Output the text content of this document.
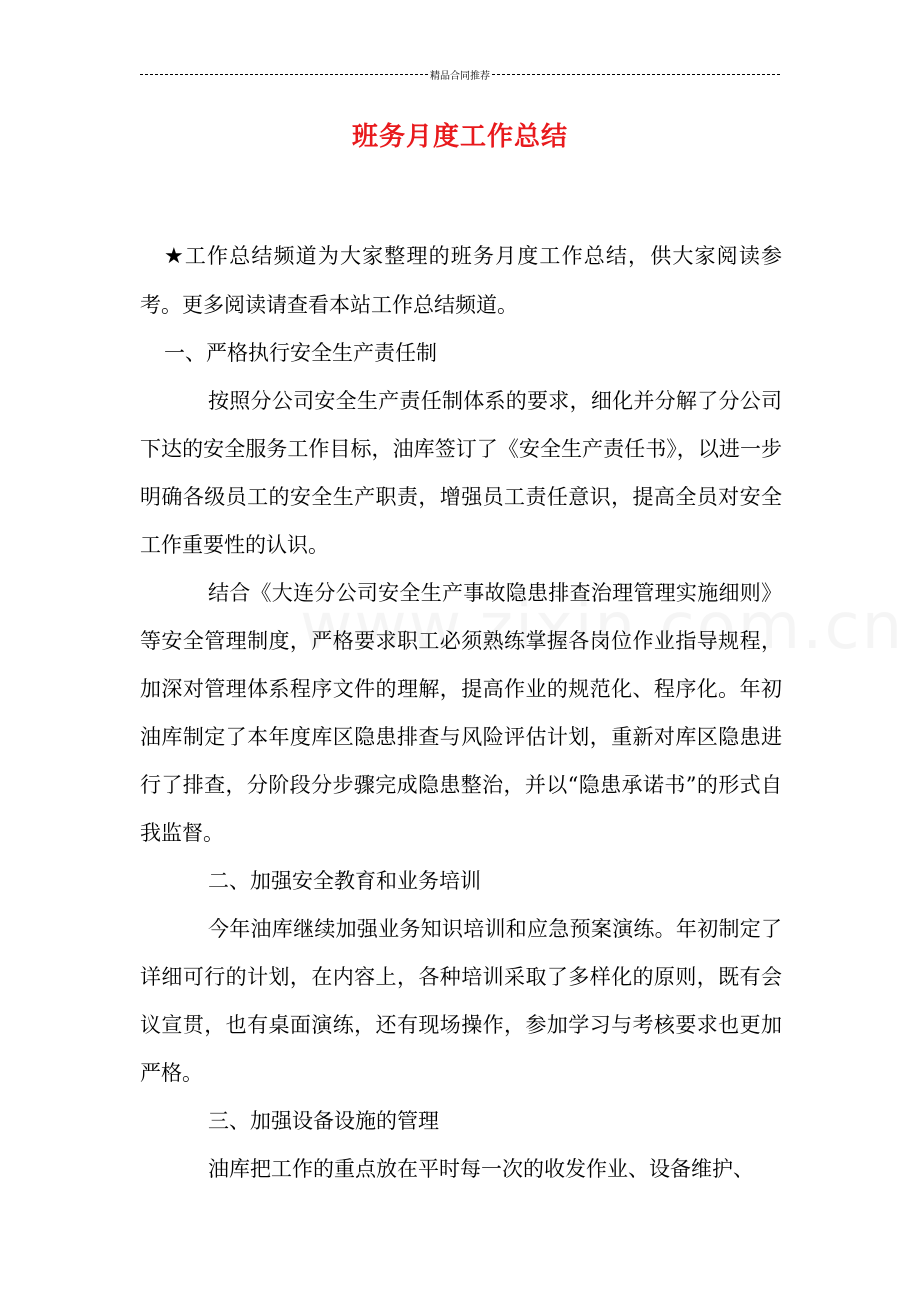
精品合同推荐
班务月度工作总结

★工作总结频道为大家整理的班务月度工作总结，供大家阅读参考。更多阅读请查看本站工作总结频道。

一、严格执行安全生产责任制

按照分公司安全生产责任制体系的要求，细化并分解了分公司下达的安全服务工作目标，油库签订了《安全生产责任书》，以进一步明确各级员工的安全生产职责，增强员工责任意识，提高全员对安全工作重要性的认识。

结合《大连分公司安全生产事故隐患排查治理管理实施细则》等安全管理制度，严格要求职工必须熟练掌握各岗位作业指导规程，加深对管理体系程序文件的理解，提高作业的规范化、程序化。年初油库制定了本年度库区隐患排查与风险评估计划，重新对库区隐患进行了排查，分阶段分步骤完成隐患整治，并以“隐患承诺书”的形式自我监督。

二、加强安全教育和业务培训

今年油库继续加强业务知识培训和应急预案演练。年初制定了详细可行的计划，在内容上，各种培训采取了多样化的原则，既有会议宣贯，也有桌面演练，还有现场操作，参加学习与考核要求也更加严格。

三、加强设备设施的管理

油库把工作的重点放在平时每一次的收发作业、设备维护、
